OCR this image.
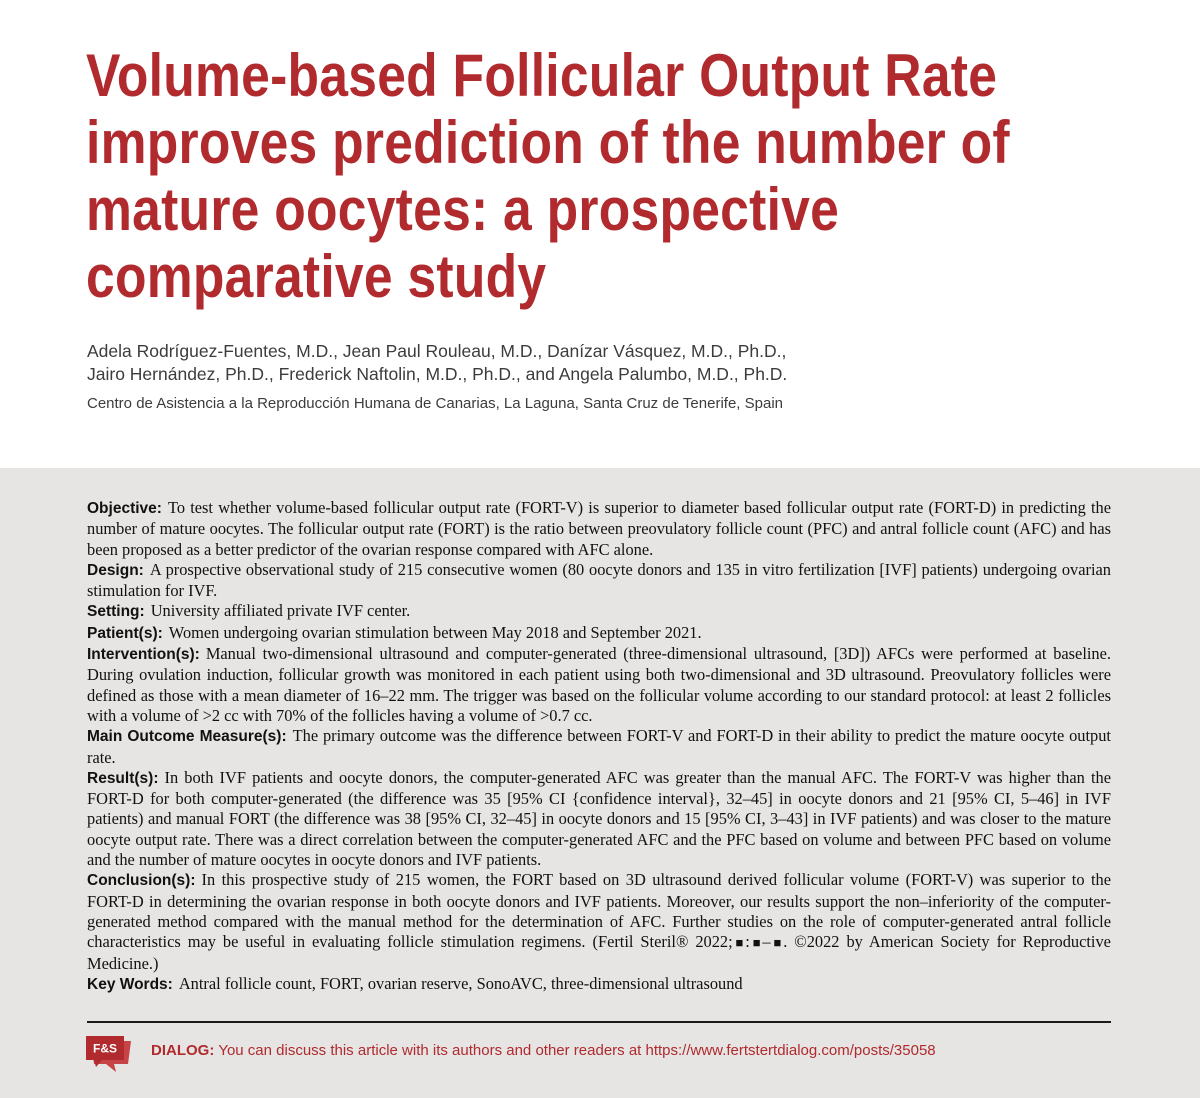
Volume-based Follicular Output Rate
improves prediction of the number of
mature oocytes: a prospective
comparative study
Adela Rodríguez-Fuentes, M.D., Jean Paul Rouleau, M.D., Danízar Vásquez, M.D., Ph.D.,
Jairo Hernández, Ph.D., Frederick Naftolin, M.D., Ph.D., and Angela Palumbo, M.D., Ph.D.
Centro de Asistencia a la Reproducción Humana de Canarias, La Laguna, Santa Cruz de Tenerife, Spain

Objective: To test whether volume-based follicular output rate (FORT-V) is superior to diameter based follicular output rate (FORT-D) in predicting the number of mature oocytes. The follicular output rate (FORT) is the ratio between preovulatory follicle count (PFC) and antral follicle count (AFC) and has been proposed as a better predictor of the ovarian response compared with AFC alone.

Design: A prospective observational study of 215 consecutive women (80 oocyte donors and 135 in vitro fertilization [IVF] patients) undergoing ovarian stimulation for IVF.

Setting: University affiliated private IVF center.

Patient(s): Women undergoing ovarian stimulation between May 2018 and September 2021.

Intervention(s): Manual two-dimensional ultrasound and computer-generated (three-dimensional ultrasound, [3D]) AFCs were performed at baseline. During ovulation induction, follicular growth was monitored in each patient using both two-dimensional and 3D ultrasound. Preovulatory follicles were defined as those with a mean diameter of 16–22 mm. The trigger was based on the follicular volume according to our standard protocol: at least 2 follicles with a volume of >2 cc with 70% of the follicles having a volume of >0.7 cc.

Main Outcome Measure(s): The primary outcome was the difference between FORT-V and FORT-D in their ability to predict the mature oocyte output rate.

Result(s): In both IVF patients and oocyte donors, the computer-generated AFC was greater than the manual AFC. The FORT-V was higher than the FORT-D for both computer-generated (the difference was 35 [95% CI {confidence interval}, 32–45] in oocyte donors and 21 [95% CI, 5–46] in IVF patients) and manual FORT (the difference was 38 [95% CI, 32–45] in oocyte donors and 15 [95% CI, 3–43] in IVF patients) and was closer to the mature oocyte output rate. There was a direct correlation between the computer-generated AFC and the PFC based on volume and between PFC based on volume and the number of mature oocytes in oocyte donors and IVF patients.

Conclusion(s): In this prospective study of 215 women, the FORT based on 3D ultrasound derived follicular volume (FORT-V) was superior to the FORT-D in determining the ovarian response in both oocyte donors and IVF patients. Moreover, our results support the non–inferiority of the computer-generated method compared with the manual method for the determination of AFC. Further studies on the role of computer-generated antral follicle characteristics may be useful in evaluating follicle stimulation regimens. (Fertil Steril® 2022;■:■–■. ©2022 by American Society for Reproductive Medicine.)

Key Words: Antral follicle count, FORT, ovarian reserve, SonoAVC, three-dimensional ultrasound

F&S DIALOG: You can discuss this article with its authors and other readers at https://www.fertstertdialog.com/posts/35058
